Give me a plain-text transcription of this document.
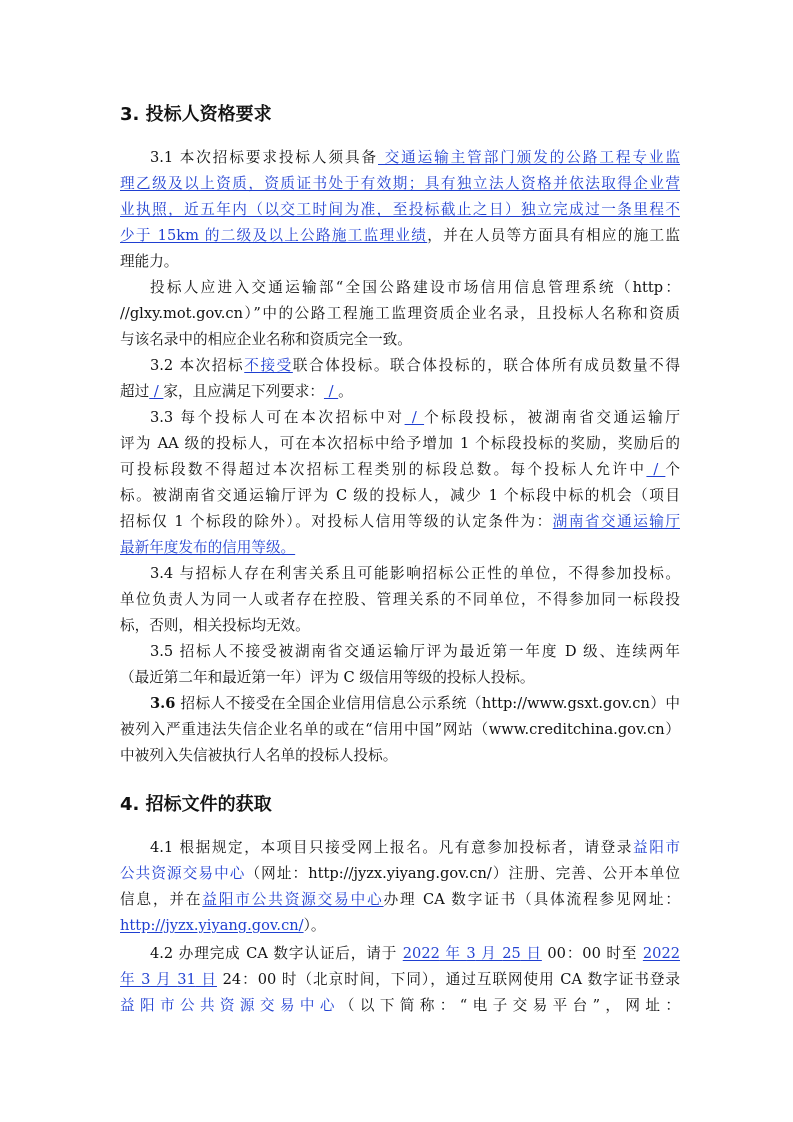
3. 投标人资格要求
3.1 本次招标要求投标人须具备 交通运输主管部门颁发的公路工程专业监
理乙级及以上资质，资质证书处于有效期；具有独立法人资格并依法取得企业营
业执照，近五年内（以交工时间为准，至投标截止之日）独立完成过一条里程不
少于 15km 的二级及以上公路施工监理业绩，并在人员等方面具有相应的施工监
理能力。
投标人应进入交通运输部“全国公路建设市场信用信息管理系统（http：
//glxy.mot.gov.cn）”中的公路工程施工监理资质企业名录，且投标人名称和资质
与该名录中的相应企业名称和资质完全一致。
3.2 本次招标不接受联合体投标。联合体投标的，联合体所有成员数量不得
超过 / 家，且应满足下列要求： / 。
3.3 每个投标人可在本次招标中对 / 个标段投标，被湖南省交通运输厅
评为 AA 级的投标人，可在本次招标中给予增加 1 个标段投标的奖励，奖励后的
可投标段数不得超过本次招标工程类别的标段总数。每个投标人允许中 / 个
标。被湖南省交通运输厅评为 C 级的投标人，减少 1 个标段中标的机会（项目
招标仅 1 个标段的除外）。对投标人信用等级的认定条件为：湖南省交通运输厅
最新年度发布的信用等级。
3.4 与招标人存在利害关系且可能影响招标公正性的单位，不得参加投标。
单位负责人为同一人或者存在控股、管理关系的不同单位，不得参加同一标段投
标，否则，相关投标均无效。
3.5 招标人不接受被湖南省交通运输厅评为最近第一年度 D 级、连续两年
（最近第二年和最近第一年）评为 C 级信用等级的投标人投标。
3.6 招标人不接受在全国企业信用信息公示系统（http://www.gsxt.gov.cn）中
被列入严重违法失信企业名单的或在“信用中国”网站（www.creditchina.gov.cn）
中被列入失信被执行人名单的投标人投标。
4. 招标文件的获取
4.1 根据规定，本项目只接受网上报名。凡有意参加投标者，请登录益阳市
公共资源交易中心（网址：http://jyzx.yiyang.gov.cn/）注册、完善、公开本单位
信息，并在益阳市公共资源交易中心办理 CA 数字证书（具体流程参见网址：
http://jyzx.yiyang.gov.cn/）。
4.2 办理完成 CA 数字认证后，请于 2022 年 3 月 25 日 00：00 时至 2022
年 3 月 31 日 24：00 时（北京时间，下同），通过互联网使用 CA 数字证书登录
益阳市公共资源交易中心（以下简称：“电子交易平台”，网址：
